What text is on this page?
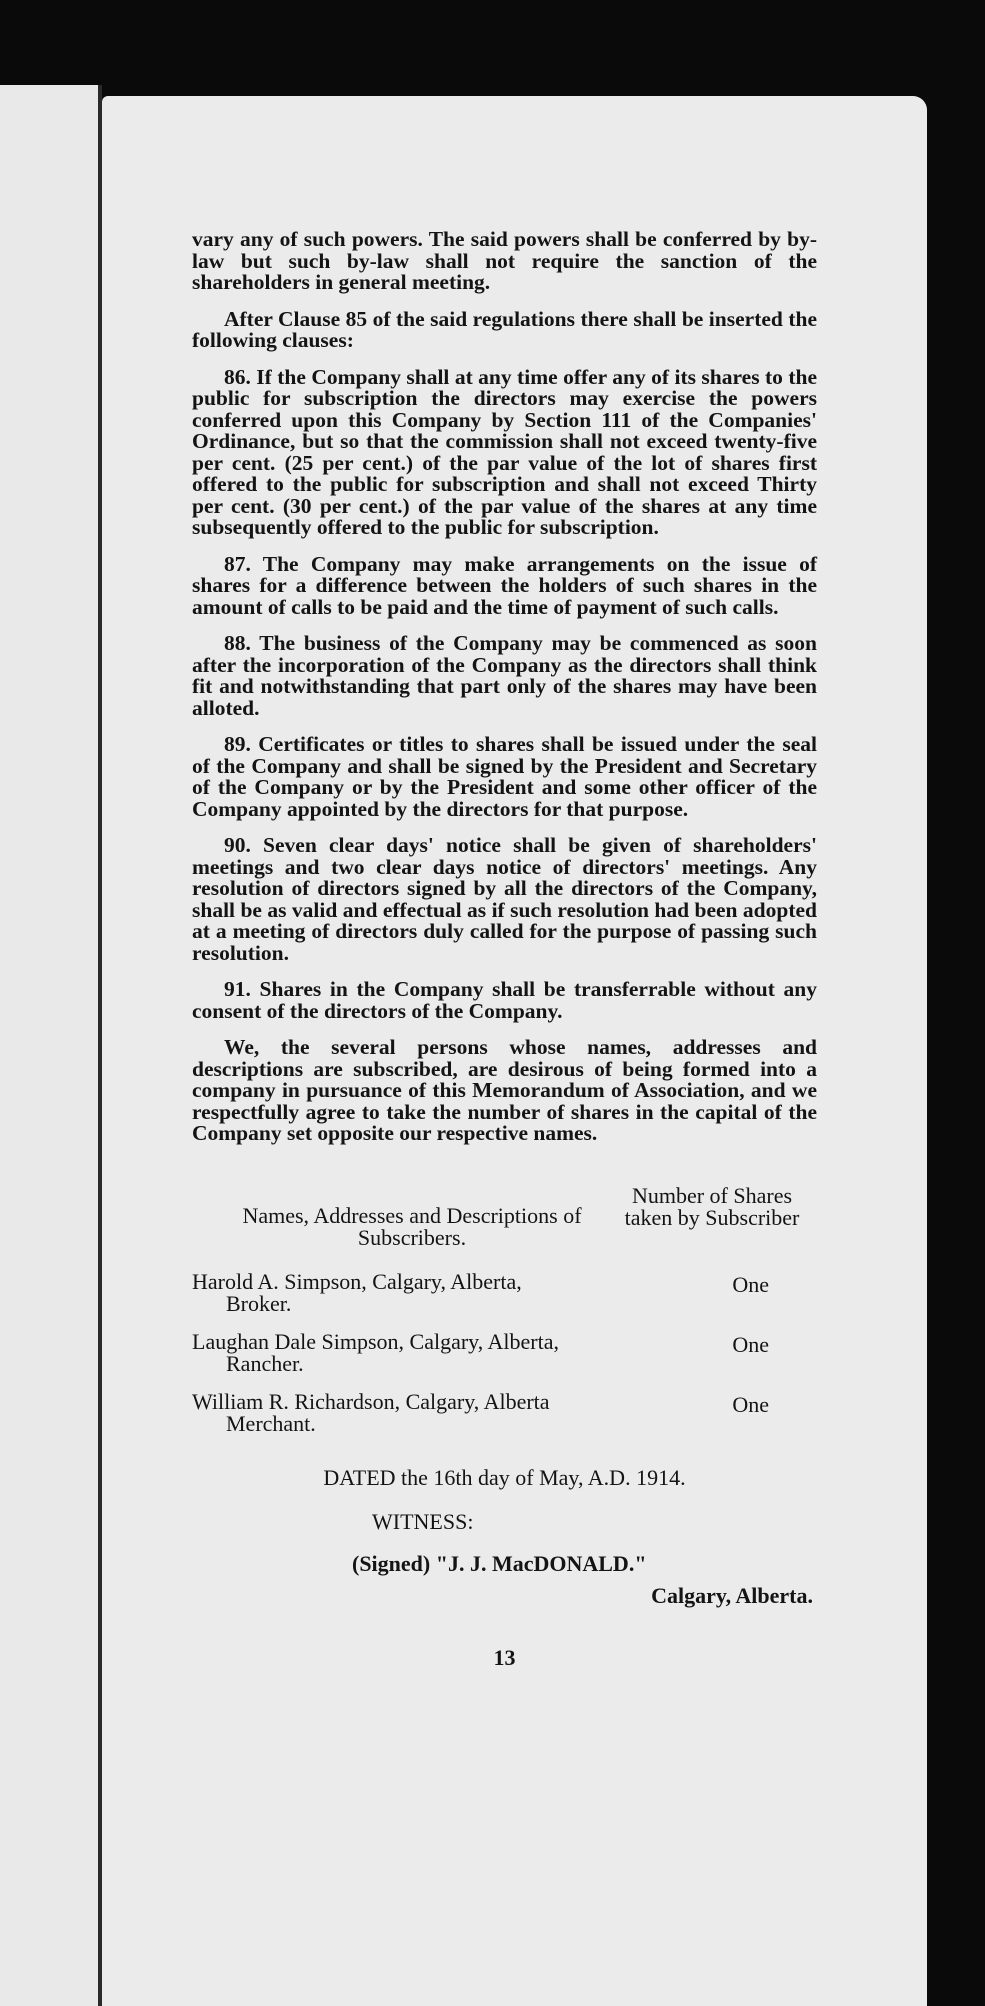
vary any of such powers. The said powers shall be conferred by by-law but such by-law shall not require the sanction of the shareholders in general meeting.

After Clause 85 of the said regulations there shall be inserted the following clauses:

86. If the Company shall at any time offer any of its shares to the public for subscription the directors may exercise the powers conferred upon this Company by Section 111 of the Companies' Ordinance, but so that the commission shall not exceed twenty-five per cent. (25 per cent.) of the par value of the lot of shares first offered to the public for subscription and shall not exceed Thirty per cent. (30 per cent.) of the par value of the shares at any time subsequently offered to the public for subscription.

87. The Company may make arrangements on the issue of shares for a difference between the holders of such shares in the amount of calls to be paid and the time of payment of such calls.

88. The business of the Company may be commenced as soon after the incorporation of the Company as the directors shall think fit and notwithstanding that part only of the shares may have been alloted.

89. Certificates or titles to shares shall be issued under the seal of the Company and shall be signed by the President and Secretary of the Company or by the President and some other officer of the Company appointed by the directors for that purpose.

90. Seven clear days' notice shall be given of shareholders' meetings and two clear days notice of directors' meetings. Any resolution of directors signed by all the directors of the Company, shall be as valid and effectual as if such resolution had been adopted at a meeting of directors duly called for the purpose of passing such resolution.

91. Shares in the Company shall be transferrable without any consent of the directors of the Company.

We, the several persons whose names, addresses and descriptions are subscribed, are desirous of being formed into a company in pursuance of this Memorandum of Association, and we respectfully agree to take the number of shares in the capital of the Company set opposite our respective names.

Names, Addresses and Descriptions of Subscribers.
Number of Shares taken by Subscriber
Harold A. Simpson, Calgary, Alberta,
Broker.
One
Laughan Dale Simpson, Calgary, Alberta,
Rancher.
One
William R. Richardson, Calgary, Alberta
Merchant.
One
DATED the 16th day of May, A.D. 1914.
WITNESS:
(Signed) "J. J. MacDONALD."
Calgary, Alberta.
13
